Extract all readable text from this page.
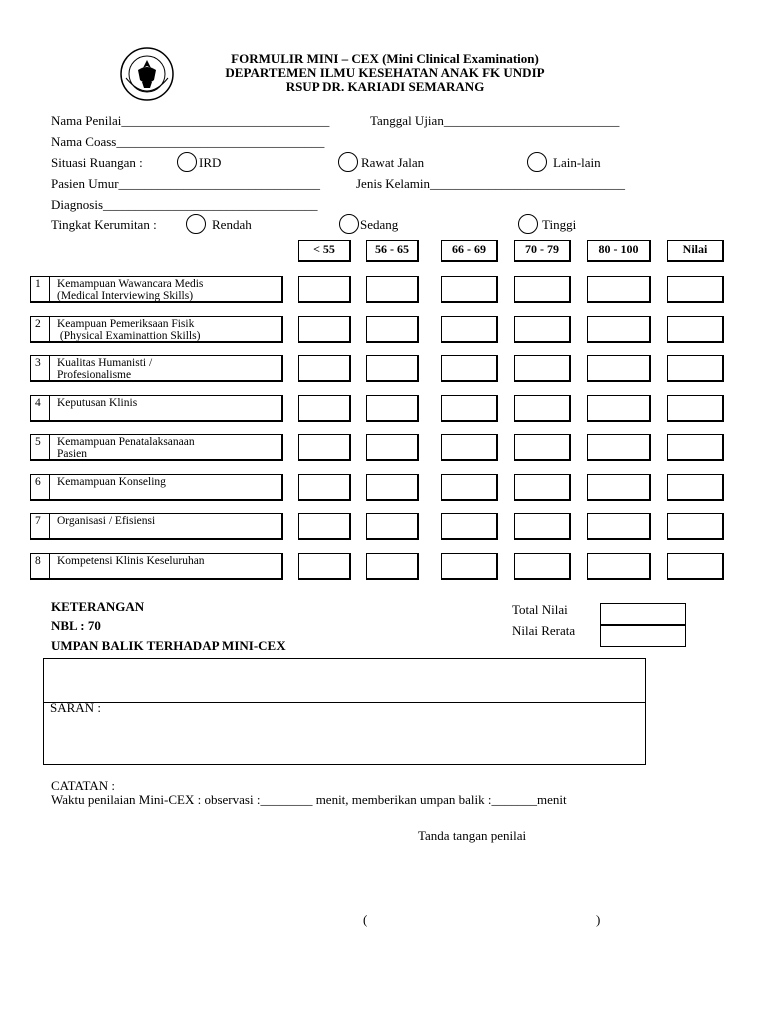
FORMULIR MINI – CEX (Mini Clinical Examination)
DEPARTEMEN ILMU KESEHATAN ANAK FK UNDIP
RSUP DR. KARIADI SEMARANG
Nama Penilai________________________________	Tanggal Ujian___________________________
Nama Coass________________________________
Situasi Ruangan :	IRD	Rawat Jalan	Lain-lain
Pasien Umur_______________________________	Jenis Kelamin______________________________
Diagnosis_________________________________
Tingkat Kerumitan :	Rendah	Sedang	Tinggi
< 55	56 - 65	66 - 69	70 - 79	80 - 100	Nilai
1 Kemampuan Wawancara Medis
(Medical Interviewing Skills)
2 Keampuan Pemeriksaan Fisik
(Physical Examinattion Skills)
3 Kualitas Humanisti /
Profesionalisme
4 Keputusan Klinis
5 Kemampuan Penatalaksanaan
Pasien
6 Kemampuan Konseling
7 Organisasi / Efisiensi
8 Kompetensi Klinis Keseluruhan
KETERANGAN
NBL : 70
UMPAN BALIK TERHADAP MINI-CEX
Total Nilai
Nilai Rerata
SARAN :
CATATAN :
Waktu penilaian Mini-CEX : observasi :________ menit, memberikan umpan balik :_______menit
Tanda tangan penilai
(	)
